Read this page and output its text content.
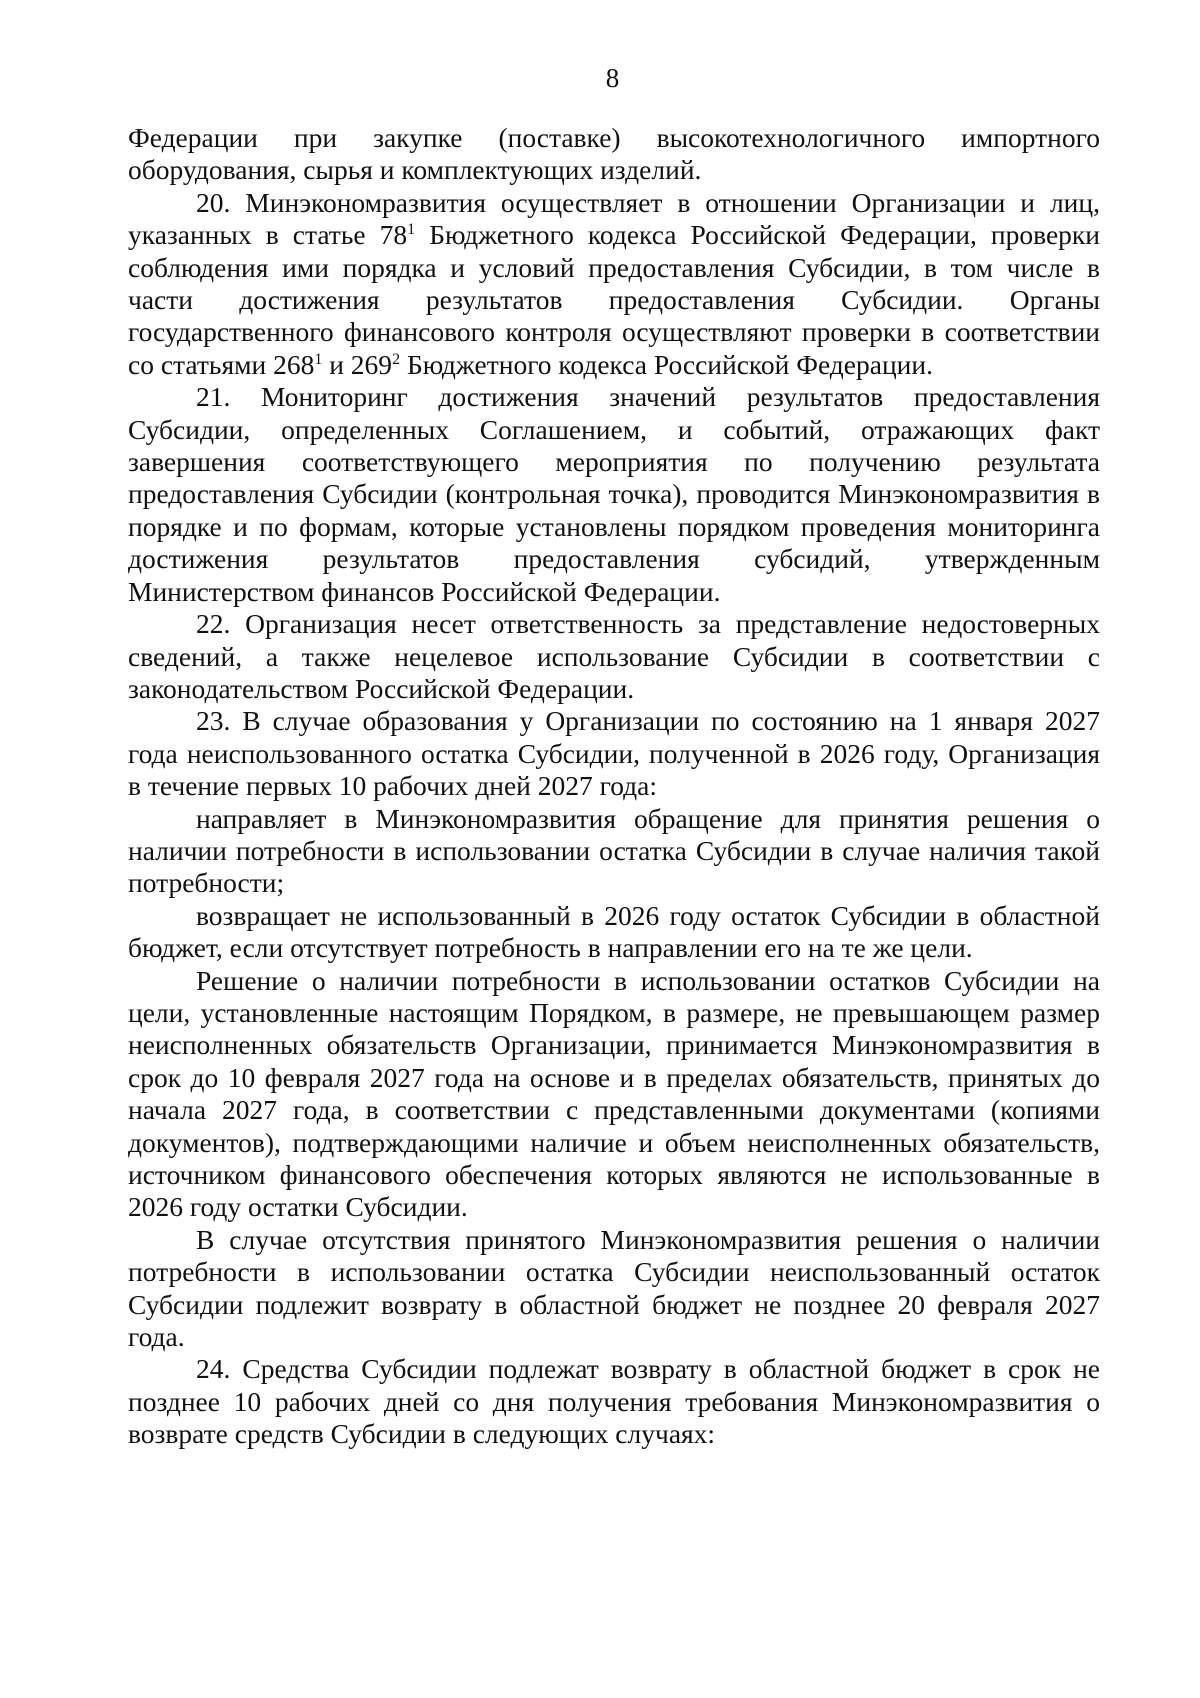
8

Федерации при закупке (поставке) высокотехнологичного импортного оборудования, сырья и комплектующих изделий.

20. Минэкономразвития осуществляет в отношении Организации и лиц, указанных в статье $78^1$ Бюджетного кодекса Российской Федерации, проверки соблюдения ими порядка и условий предоставления Субсидии, в том числе в части достижения результатов предоставления Субсидии. Органы государственного финансового контроля осуществляют проверки в соответствии со статьями $268^1$ и $269^2$ Бюджетного кодекса Российской Федерации.

21. Мониторинг достижения значений результатов предоставления Субсидии, определенных Соглашением, и событий, отражающих факт завершения соответствующего мероприятия по получению результата предоставления Субсидии (контрольная точка), проводится Минэкономразвития в порядке и по формам, которые установлены порядком проведения мониторинга достижения результатов предоставления субсидий, утвержденным Министерством финансов Российской Федерации.

22. Организация несет ответственность за представление недостоверных сведений, а также нецелевое использование Субсидии в соответствии с законодательством Российской Федерации.

23. В случае образования у Организации по состоянию на 1 января 2027 года неиспользованного остатка Субсидии, полученной в 2026 году, Организация в течение первых 10 рабочих дней 2027 года:

направляет в Минэкономразвития обращение для принятия решения о наличии потребности в использовании остатка Субсидии в случае наличия такой потребности;

возвращает не использованный в 2026 году остаток Субсидии в областной бюджет, если отсутствует потребность в направлении его на те же цели.

Решение о наличии потребности в использовании остатков Субсидии на цели, установленные настоящим Порядком, в размере, не превышающем размер неисполненных обязательств Организации, принимается Минэкономразвития в срок до 10 февраля 2027 года на основе и в пределах обязательств, принятых до начала 2027 года, в соответствии с представленными документами (копиями документов), подтверждающими наличие и объем неисполненных обязательств, источником финансового обеспечения которых являются не использованные в 2026 году остатки Субсидии.

В случае отсутствия принятого Минэкономразвития решения о наличии потребности в использовании остатка Субсидии неиспользованный остаток Субсидии подлежит возврату в областной бюджет не позднее 20 февраля 2027 года.

24. Средства Субсидии подлежат возврату в областной бюджет в срок не позднее 10 рабочих дней со дня получения требования Минэкономразвития о возврате средств Субсидии в следующих случаях:
